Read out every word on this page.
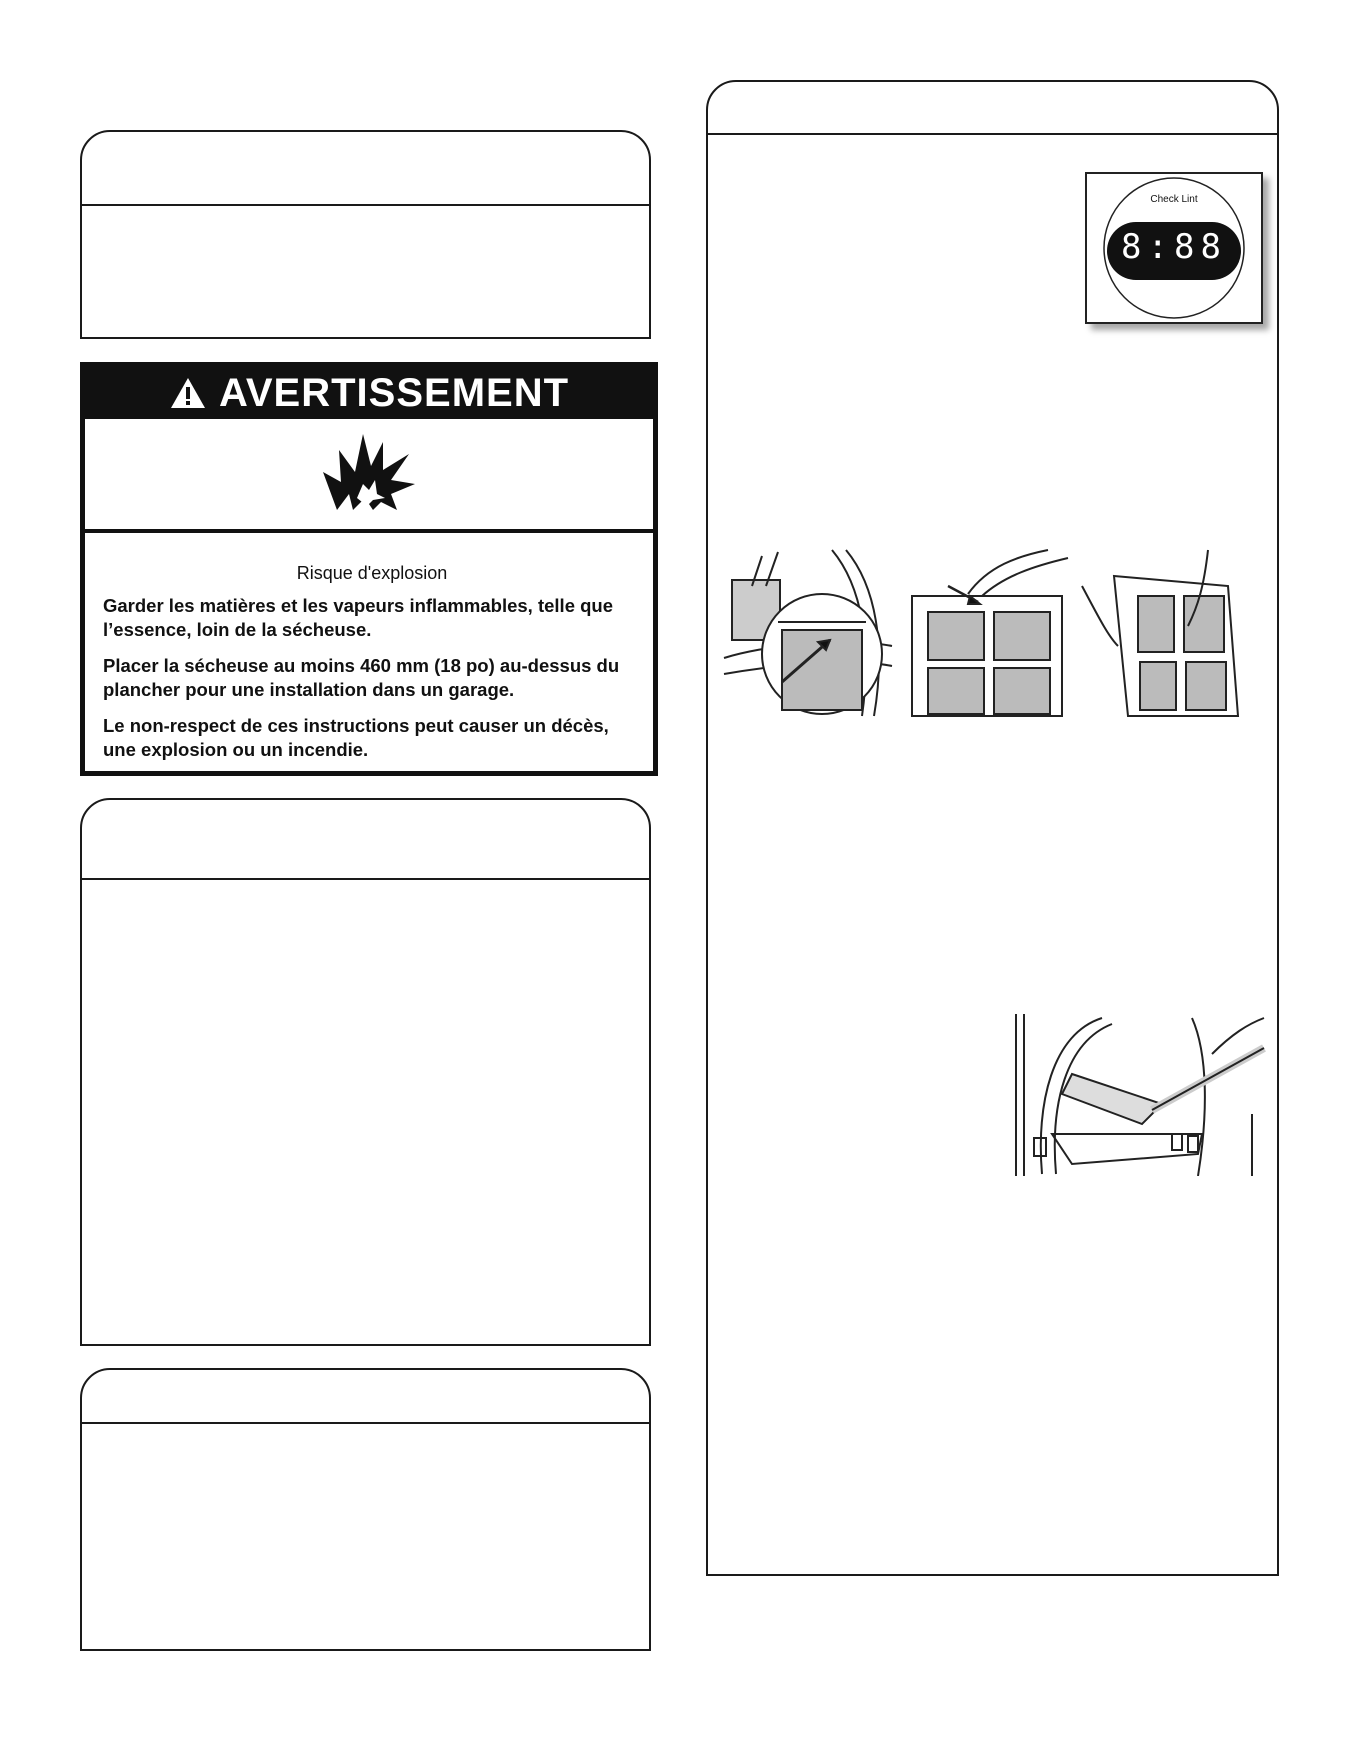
AVERTISSEMENT
Risque d'explosion

Garder les matières et les vapeurs inflammables, telle que l’essence, loin de la sécheuse.

Placer la sécheuse au moins 460 mm (18 po) au-dessus du plancher pour une installation dans un garage.

Le non-respect de ces instructions peut causer un décès, une explosion ou un incendie.

Check Lint
8:88
